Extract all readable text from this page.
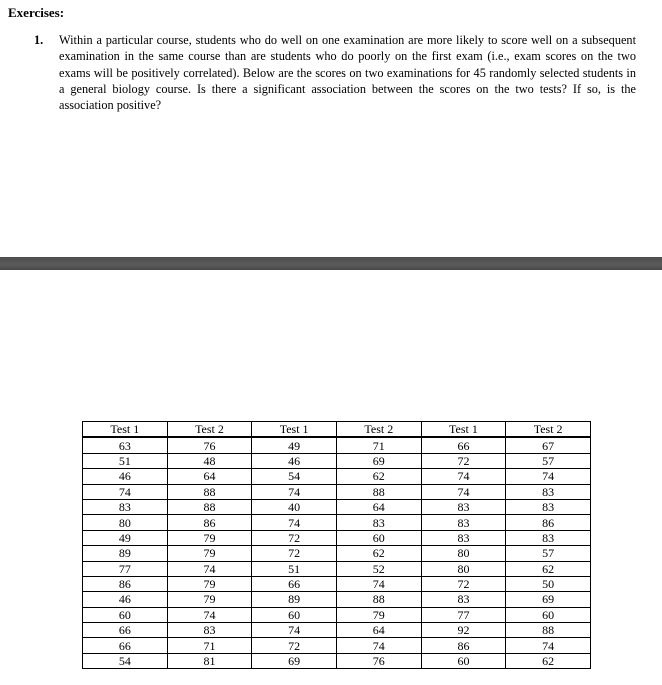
Exercises:
1. Within a particular course, students who do well on one examination are more likely to score well on a subsequent examination in the same course than are students who do poorly on the first exam (i.e., exam scores on the two exams will be positively correlated). Below are the scores on two examinations for 45 randomly selected students in a general biology course. Is there a significant association between the scores on the two tests? If so, is the association positive?
Test 1	Test 2	Test 1	Test 2	Test 1	Test 2
63	76	49	71	66	67
51	48	46	69	72	57
46	64	54	62	74	74
74	88	74	88	74	83
83	88	40	64	83	83
80	86	74	83	83	86
49	79	72	60	83	83
89	79	72	62	80	57
77	74	51	52	80	62
86	79	66	74	72	50
46	79	89	88	83	69
60	74	60	79	77	60
66	83	74	64	92	88
66	71	72	74	86	74
54	81	69	76	60	62
